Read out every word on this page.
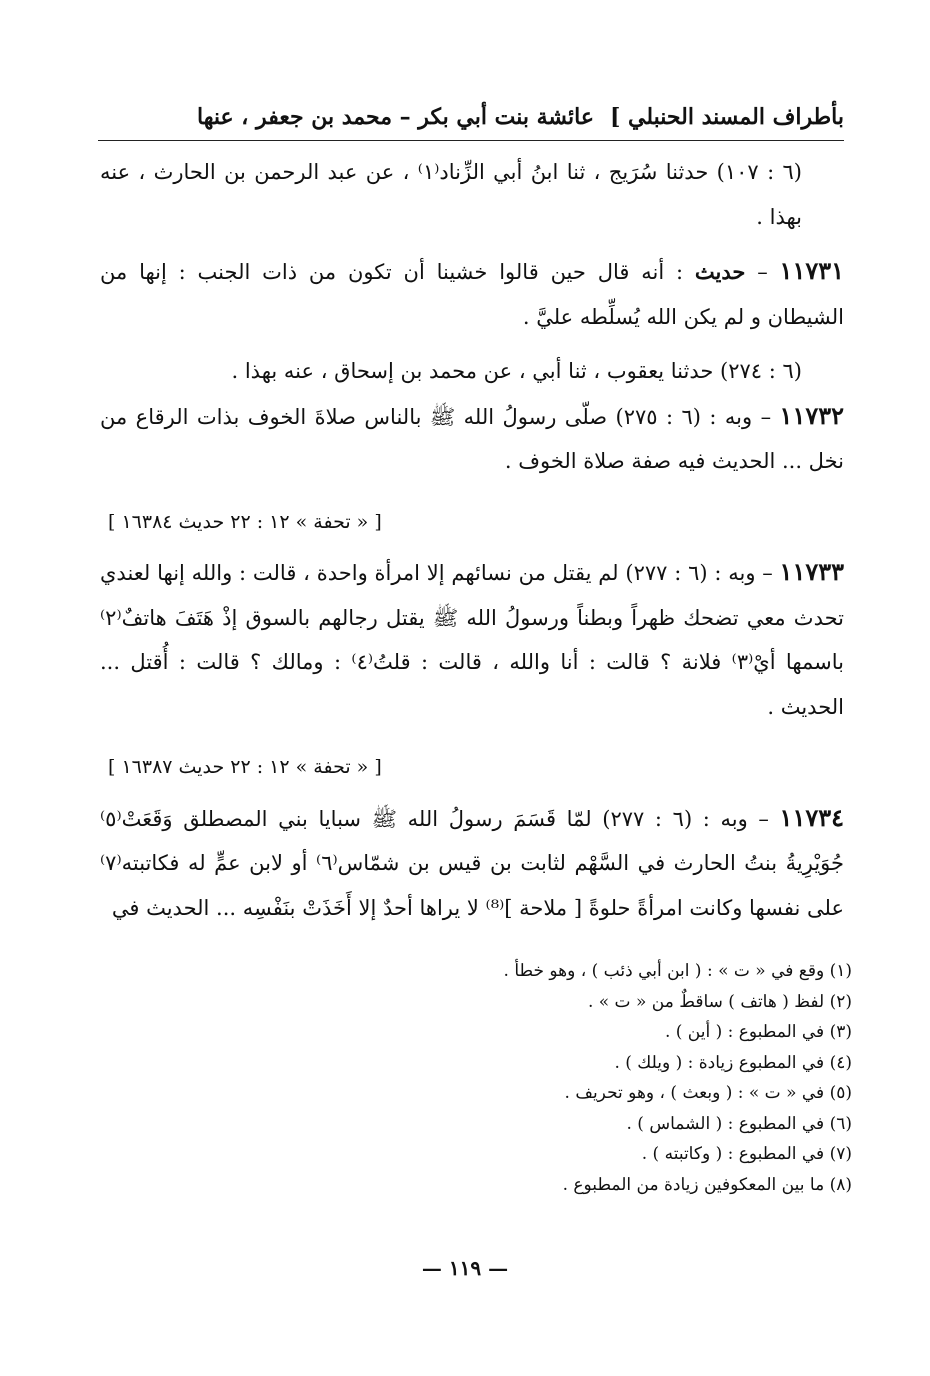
بأطراف المسند الحنبلي ]
عائشة بنت أبي بكر – محمد بن جعفر ، عنها

(٦ : ١٠٧) حدثنا سُرَيج ، ثنا ابنُ أبي الزِّناد⁽١⁾ ، عن عبد الرحمن بن الحارث ، عنه بهذا .

١١٧٣١ – حديث : أنه قال حين قالوا خشينا أن تكون من ذات الجنب : إنها من الشيطان و لم يكن الله يُسلِّطه عليَّ .

(٦ : ٢٧٤) حدثنا يعقوب ، ثنا أبي ، عن محمد بن إسحاق ، عنه بهذا .

١١٧٣٢ – وبه : (٦ : ٢٧٥) صلّى رسولُ الله ﷺ بالناس صلاةَ الخوف بذات الرقاع من نخل ... الحديث فيه صفة صلاة الخوف .

[ « تحفة » ١٢ : ٢٢ حديث ١٦٣٨٤ ]

١١٧٣٣ – وبه : (٦ : ٢٧٧) لم يقتل من نسائهم إلا امرأة واحدة ، قالت : والله إنها لعندي تحدث معي تضحك ظهراً وبطناً ورسولُ الله ﷺ يقتل رجالهم بالسوق إذْ هَتَفَ هاتفٌ⁽٢⁾ باسمها أيْ⁽٣⁾ فلانة ؟ قالت : أنا والله ، قالت : قلتُ⁽٤⁾ : ومالك ؟ قالت : أُقتل ... الحديث .

[ « تحفة » ١٢ : ٢٢ حديث ١٦٣٨٧ ]

١١٧٣٤ – وبه : (٦ : ٢٧٧) لمّا قَسَمَ رسولُ الله ﷺ سبايا بني المصطلق وَقَعَتْ⁽٥⁾ جُوَيْرِيةُ بنتُ الحارث في السَّهْم لثابت بن قيس بن شمّاس⁽٦⁾ أو لابن عمٍّ له فكاتبته⁽٧⁾ على نفسها وكانت امرأةً حلوةً [ ملاحة ]⁽⁸⁾ لا يراها أحدٌ إلا أَخَذَتْ بنَفْسِه ... الحديث في

(١) وقع في « ت » : ( ابن أبي ذئب ) ، وهو خطأ .
(٢) لفظ ( هاتف ) ساقطٌ من « ت » .
(٣) في المطبوع : ( أين ) .
(٤) في المطبوع زيادة : ( ويلك ) .
(٥) في « ت » : ( وبعث ) ، وهو تحريف .
(٦) في المطبوع : ( الشماس ) .
(٧) في المطبوع : ( وكاتبته ) .
(٨) ما بين المعكوفين زيادة من المطبوع .
— ١١٩ —
